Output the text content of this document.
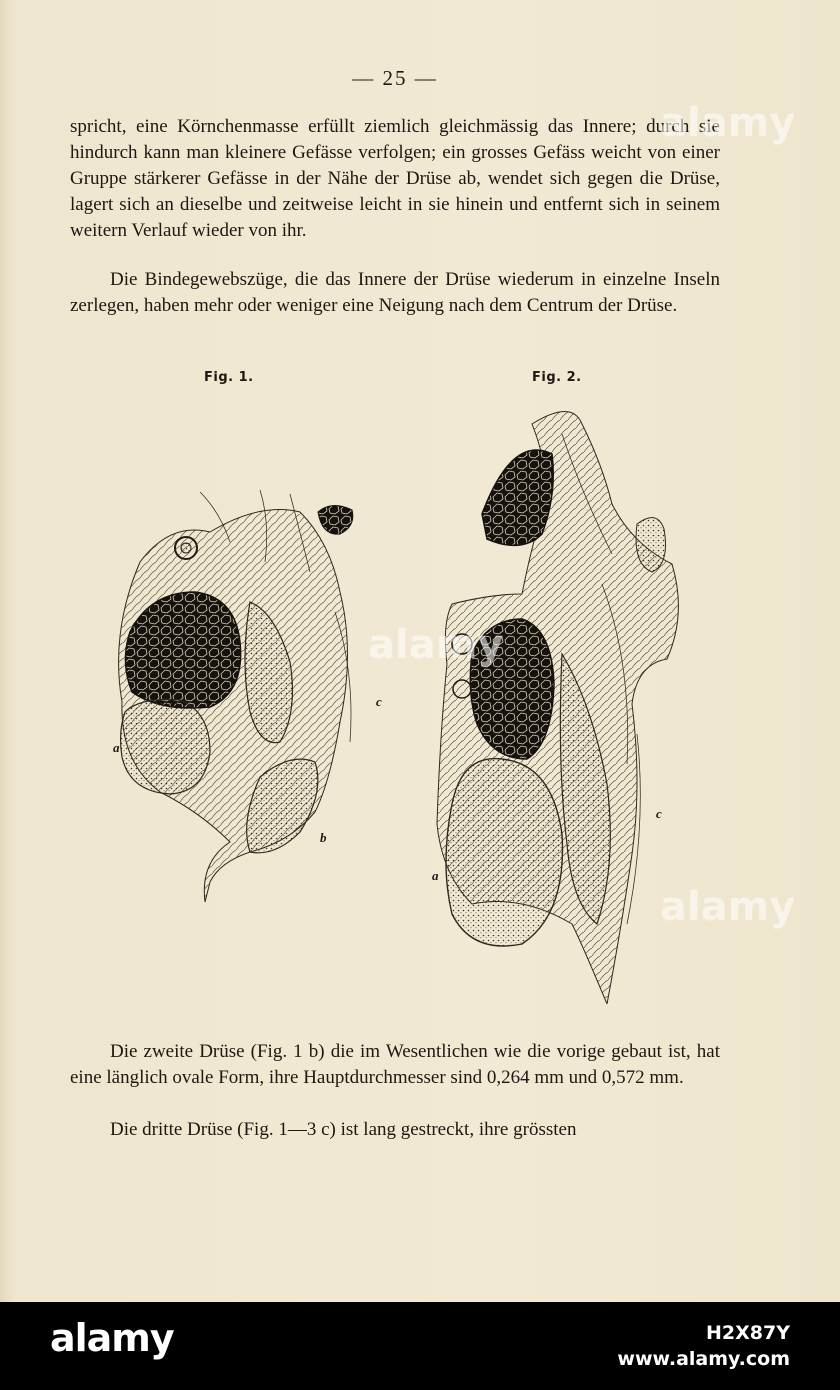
— 25 —

spricht, eine Körnchenmasse erfüllt ziemlich gleichmässig das Innere; durch sie hindurch kann man kleinere Gefässe verfolgen; ein grosses Gefäss weicht von einer Gruppe stärkerer Gefässe in der Nähe der Drüse ab, wendet sich gegen die Drüse, lagert sich an dieselbe und zeitweise leicht in sie hinein und entfernt sich in seinem weitern Verlauf wieder von ihr.

Die Bindegewebszüge, die das Innere der Drüse wiederum in einzelne Inseln zerlegen, haben mehr oder weniger eine Neigung nach dem Centrum der Drüse.

Fig. 1.
a
c
b
Fig. 2.
a
c

Die zweite Drüse (Fig. 1 b) die im Wesentlichen wie die vorige gebaut ist, hat eine länglich ovale Form, ihre Hauptdurchmesser sind 0,264 mm und 0,572 mm.

Die dritte Drüse (Fig. 1—3 c) ist lang gestreckt, ihre grössten

alamy
alamy
alamy
alamy	H2X87Y
www.alamy.com
